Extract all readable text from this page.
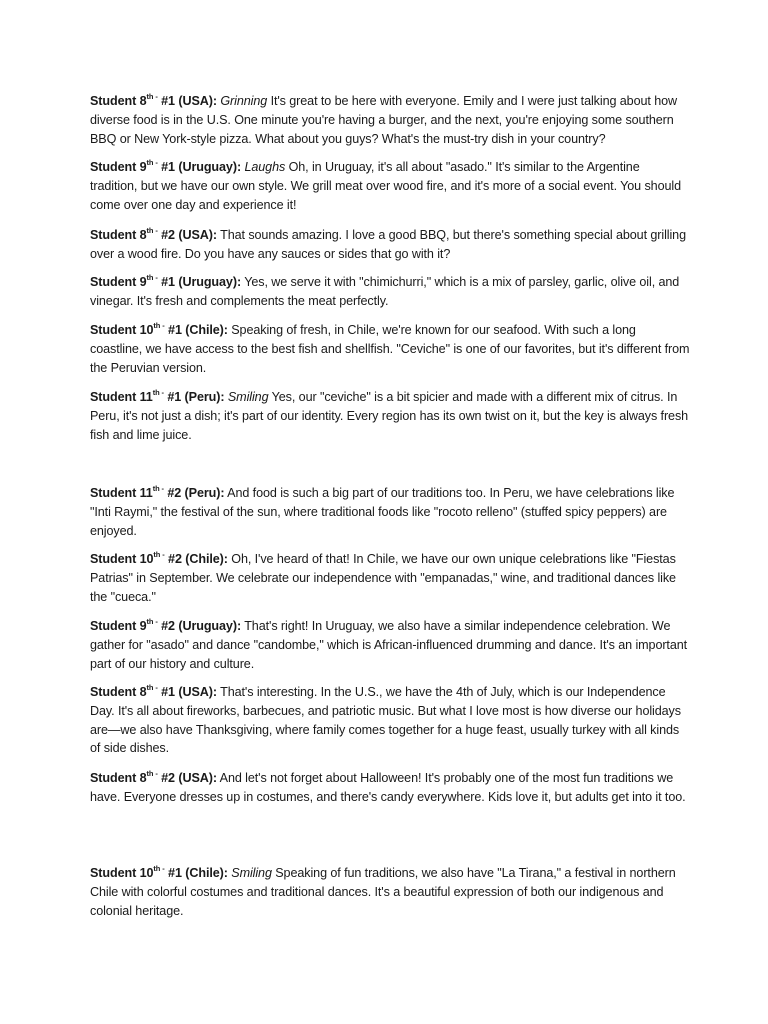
Student $8^{th -}$ #1 (USA): Grinning It's great to be here with everyone. Emily and I were just talking about how diverse food is in the U.S. One minute you're having a burger, and the next, you're enjoying some southern BBQ or New York-style pizza. What about you guys? What's the must-try dish in your country?

Student $9^{th -}$ #1 (Uruguay): Laughs Oh, in Uruguay, it's all about "asado." It's similar to the Argentine tradition, but we have our own style. We grill meat over wood fire, and it's more of a social event. You should come over one day and experience it!

Student $8^{th -}$ #2 (USA): That sounds amazing. I love a good BBQ, but there's something special about grilling over a wood fire. Do you have any sauces or sides that go with it?

Student $9^{th -}$ #1 (Uruguay): Yes, we serve it with "chimichurri," which is a mix of parsley, garlic, olive oil, and vinegar. It's fresh and complements the meat perfectly.

Student $10^{th -}$ #1 (Chile): Speaking of fresh, in Chile, we're known for our seafood. With such a long coastline, we have access to the best fish and shellfish. "Ceviche" is one of our favorites, but it's different from the Peruvian version.

Student $11^{th -}$ #1 (Peru): Smiling Yes, our "ceviche" is a bit spicier and made with a different mix of citrus. In Peru, it's not just a dish; it's part of our identity. Every region has its own twist on it, but the key is always fresh fish and lime juice.

Student $11^{th -}$ #2 (Peru): And food is such a big part of our traditions too. In Peru, we have celebrations like "Inti Raymi," the festival of the sun, where traditional foods like "rocoto relleno" (stuffed spicy peppers) are enjoyed.

Student $10^{th -}$ #2 (Chile): Oh, I've heard of that! In Chile, we have our own unique celebrations like "Fiestas Patrias" in September. We celebrate our independence with "empanadas," wine, and traditional dances like the "cueca."

Student $9^{th -}$ #2 (Uruguay): That's right! In Uruguay, we also have a similar independence celebration. We gather for "asado" and dance "candombe," which is African-influenced drumming and dance. It's an important part of our history and culture.

Student $8^{th -}$ #1 (USA): That's interesting. In the U.S., we have the 4th of July, which is our Independence Day. It's all about fireworks, barbecues, and patriotic music. But what I love most is how diverse our holidays are—we also have Thanksgiving, where family comes together for a huge feast, usually turkey with all kinds of side dishes.

Student $8^{th -}$ #2 (USA): And let's not forget about Halloween! It's probably one of the most fun traditions we have. Everyone dresses up in costumes, and there's candy everywhere. Kids love it, but adults get into it too.

Student $10^{th -}$ #1 (Chile): Smiling Speaking of fun traditions, we also have "La Tirana," a festival in northern Chile with colorful costumes and traditional dances. It's a beautiful expression of both our indigenous and colonial heritage.
